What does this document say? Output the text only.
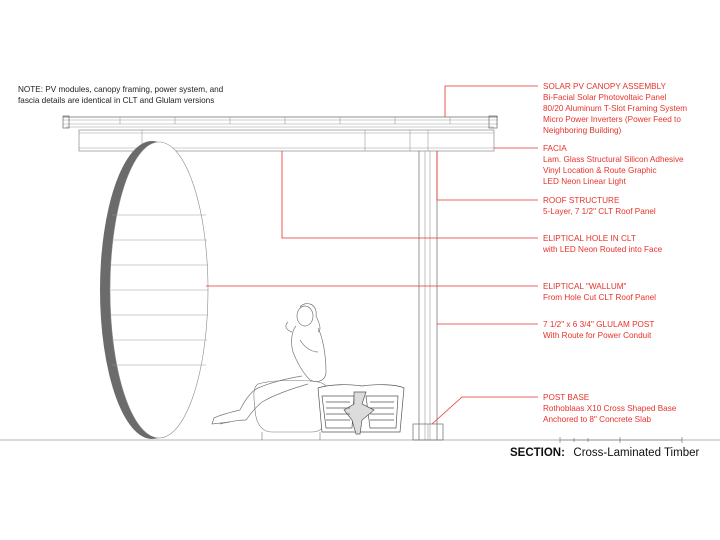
NOTE: PV modules, canopy framing, power system, and
fascia details are identical in CLT and Glulam versions
SOLAR PV CANOPY ASSEMBLY
Bi-Facial Solar Photovoltaic Panel
80/20 Aluminum T-Slot Framing System
Micro Power Inverters (Power Feed to
Neighboring Building)
FACIA
Lam. Glass Structural Silicon Adhesive
Vinyl Location & Route Graphic
LED Neon Linear Light
ROOF STRUCTURE
5-Layer, 7 1/2" CLT Roof Panel
ELIPTICAL HOLE IN CLT
with LED Neon Routed into Face
ELIPTICAL "WALLUM"
From Hole Cut CLT Roof Panel
7 1/2" x 6 3/4" GLULAM POST
With Route for Power Conduit
POST BASE
Rothoblaas X10 Cross Shaped Base
Anchored to 8" Concrete Slab
SECTION: Cross-Laminated Timber
